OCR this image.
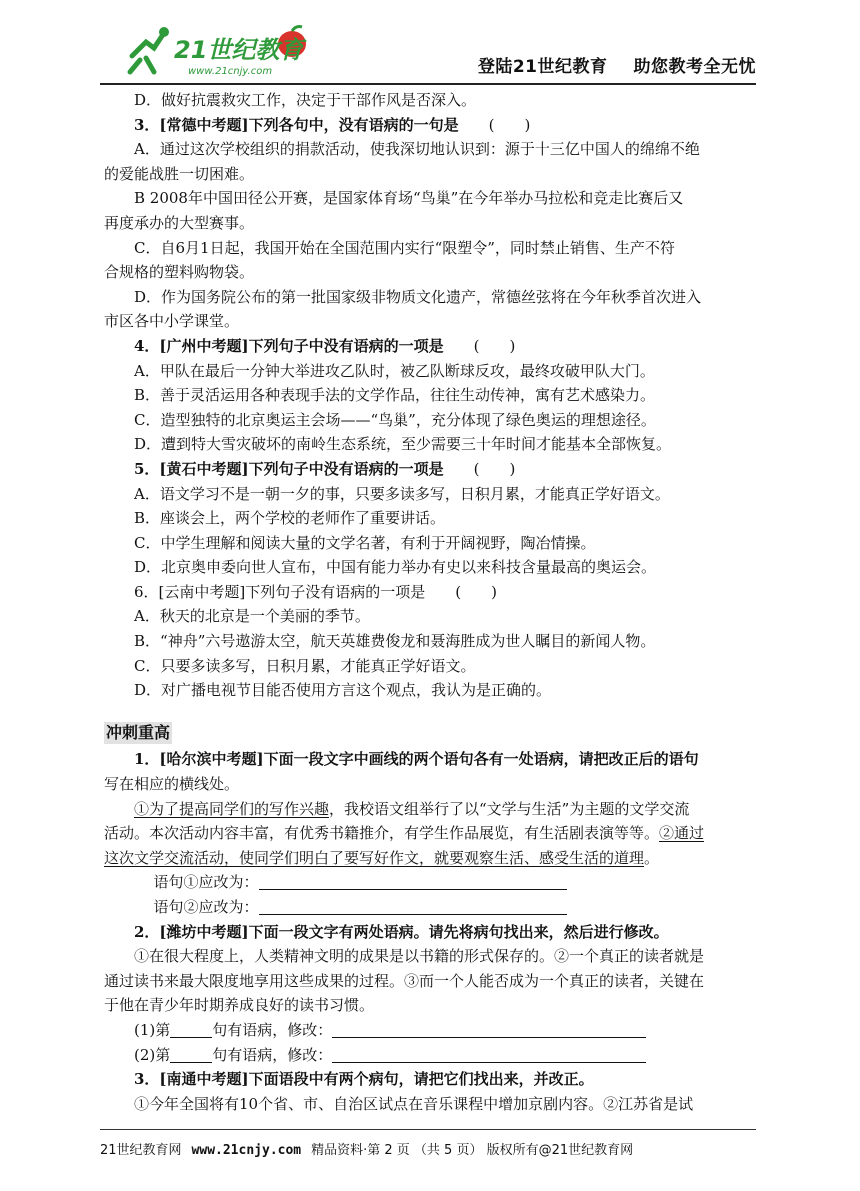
21世纪教育
www.21cnjy.com	登陆21世纪教育 助您教考全无忧

D．做好抗震救灾工作，决定于干部作风是否深入。

3．[常德中考题]下列各句中，没有语病的一句是 (　　)

A．通过这次学校组织的捐款活动，使我深切地认识到：源于十三亿中国人的绵绵不绝

的爱能战胜一切困难。

B 2008年中国田径公开赛，是国家体育场“鸟巢”在今年举办马拉松和竞走比赛后又

再度承办的大型赛事。

C．自6月1日起，我国开始在全国范围内实行“限塑令”，同时禁止销售、生产不符

合规格的塑料购物袋。

D．作为国务院公布的第一批国家级非物质文化遗产，常德丝弦将在今年秋季首次进入

市区各中小学课堂。

4．[广州中考题]下列句子中没有语病的一项是 (　　)

A．甲队在最后一分钟大举进攻乙队时，被乙队断球反攻，最终攻破甲队大门。

B．善于灵活运用各种表现手法的文学作品，往往生动传神，寓有艺术感染力。

C．造型独特的北京奥运主会场——“鸟巢”，充分体现了绿色奥运的理想途径。

D．遭到特大雪灾破坏的南岭生态系统，至少需要三十年时间才能基本全部恢复。

5．[黄石中考题]下列句子中没有语病的一项是 (　　)

A．语文学习不是一朝一夕的事，只要多读多写，日积月累，才能真正学好语文。

B．座谈会上，两个学校的老师作了重要讲话。

C．中学生理解和阅读大量的文学名著，有利于开阔视野，陶冶情操。

D．北京奥申委向世人宣布，中国有能力举办有史以来科技含量最高的奥运会。

6．[云南中考题]下列句子没有语病的一项是 (　　)

A．秋天的北京是一个美丽的季节。

B．“神舟”六号遨游太空，航天英雄费俊龙和聂海胜成为世人瞩目的新闻人物。

C．只要多读多写，日积月累，才能真正学好语文。

D．对广播电视节目能否使用方言这个观点，我认为是正确的。

冲刺重高

1．[哈尔滨中考题]下面一段文字中画线的两个语句各有一处语病，请把改正后的语句

写在相应的横线处。

①为了提高同学们的写作兴趣，我校语文组举行了以“文学与生活”为主题的文学交流

活动。本次活动内容丰富，有优秀书籍推介，有学生作品展览，有生活剧表演等等。②通过

这次文学交流活动，使同学们明白了要写好作文，就要观察生活、感受生活的道理。

语句①应改为：

语句②应改为：

2．[潍坊中考题]下面一段文字有两处语病。请先将病句找出来，然后进行修改。

①在很大程度上，人类精神文明的成果是以书籍的形式保存的。②一个真正的读者就是

通过读书来最大限度地享用这些成果的过程。③而一个人能否成为一个真正的读者，关键在

于他在青少年时期养成良好的读书习惯。

(1)第	句有语病，修改：

(2)第	句有语病，修改：

3．[南通中考题]下面语段中有两个病句，请把它们找出来，并改正。

①今年全国将有10个省、市、自治区试点在音乐课程中增加京剧内容。②江苏省是试

21世纪教育网 www.21cnjy.com 精品资料·第 2 页 （共 5 页） 版权所有@21世纪教育网
